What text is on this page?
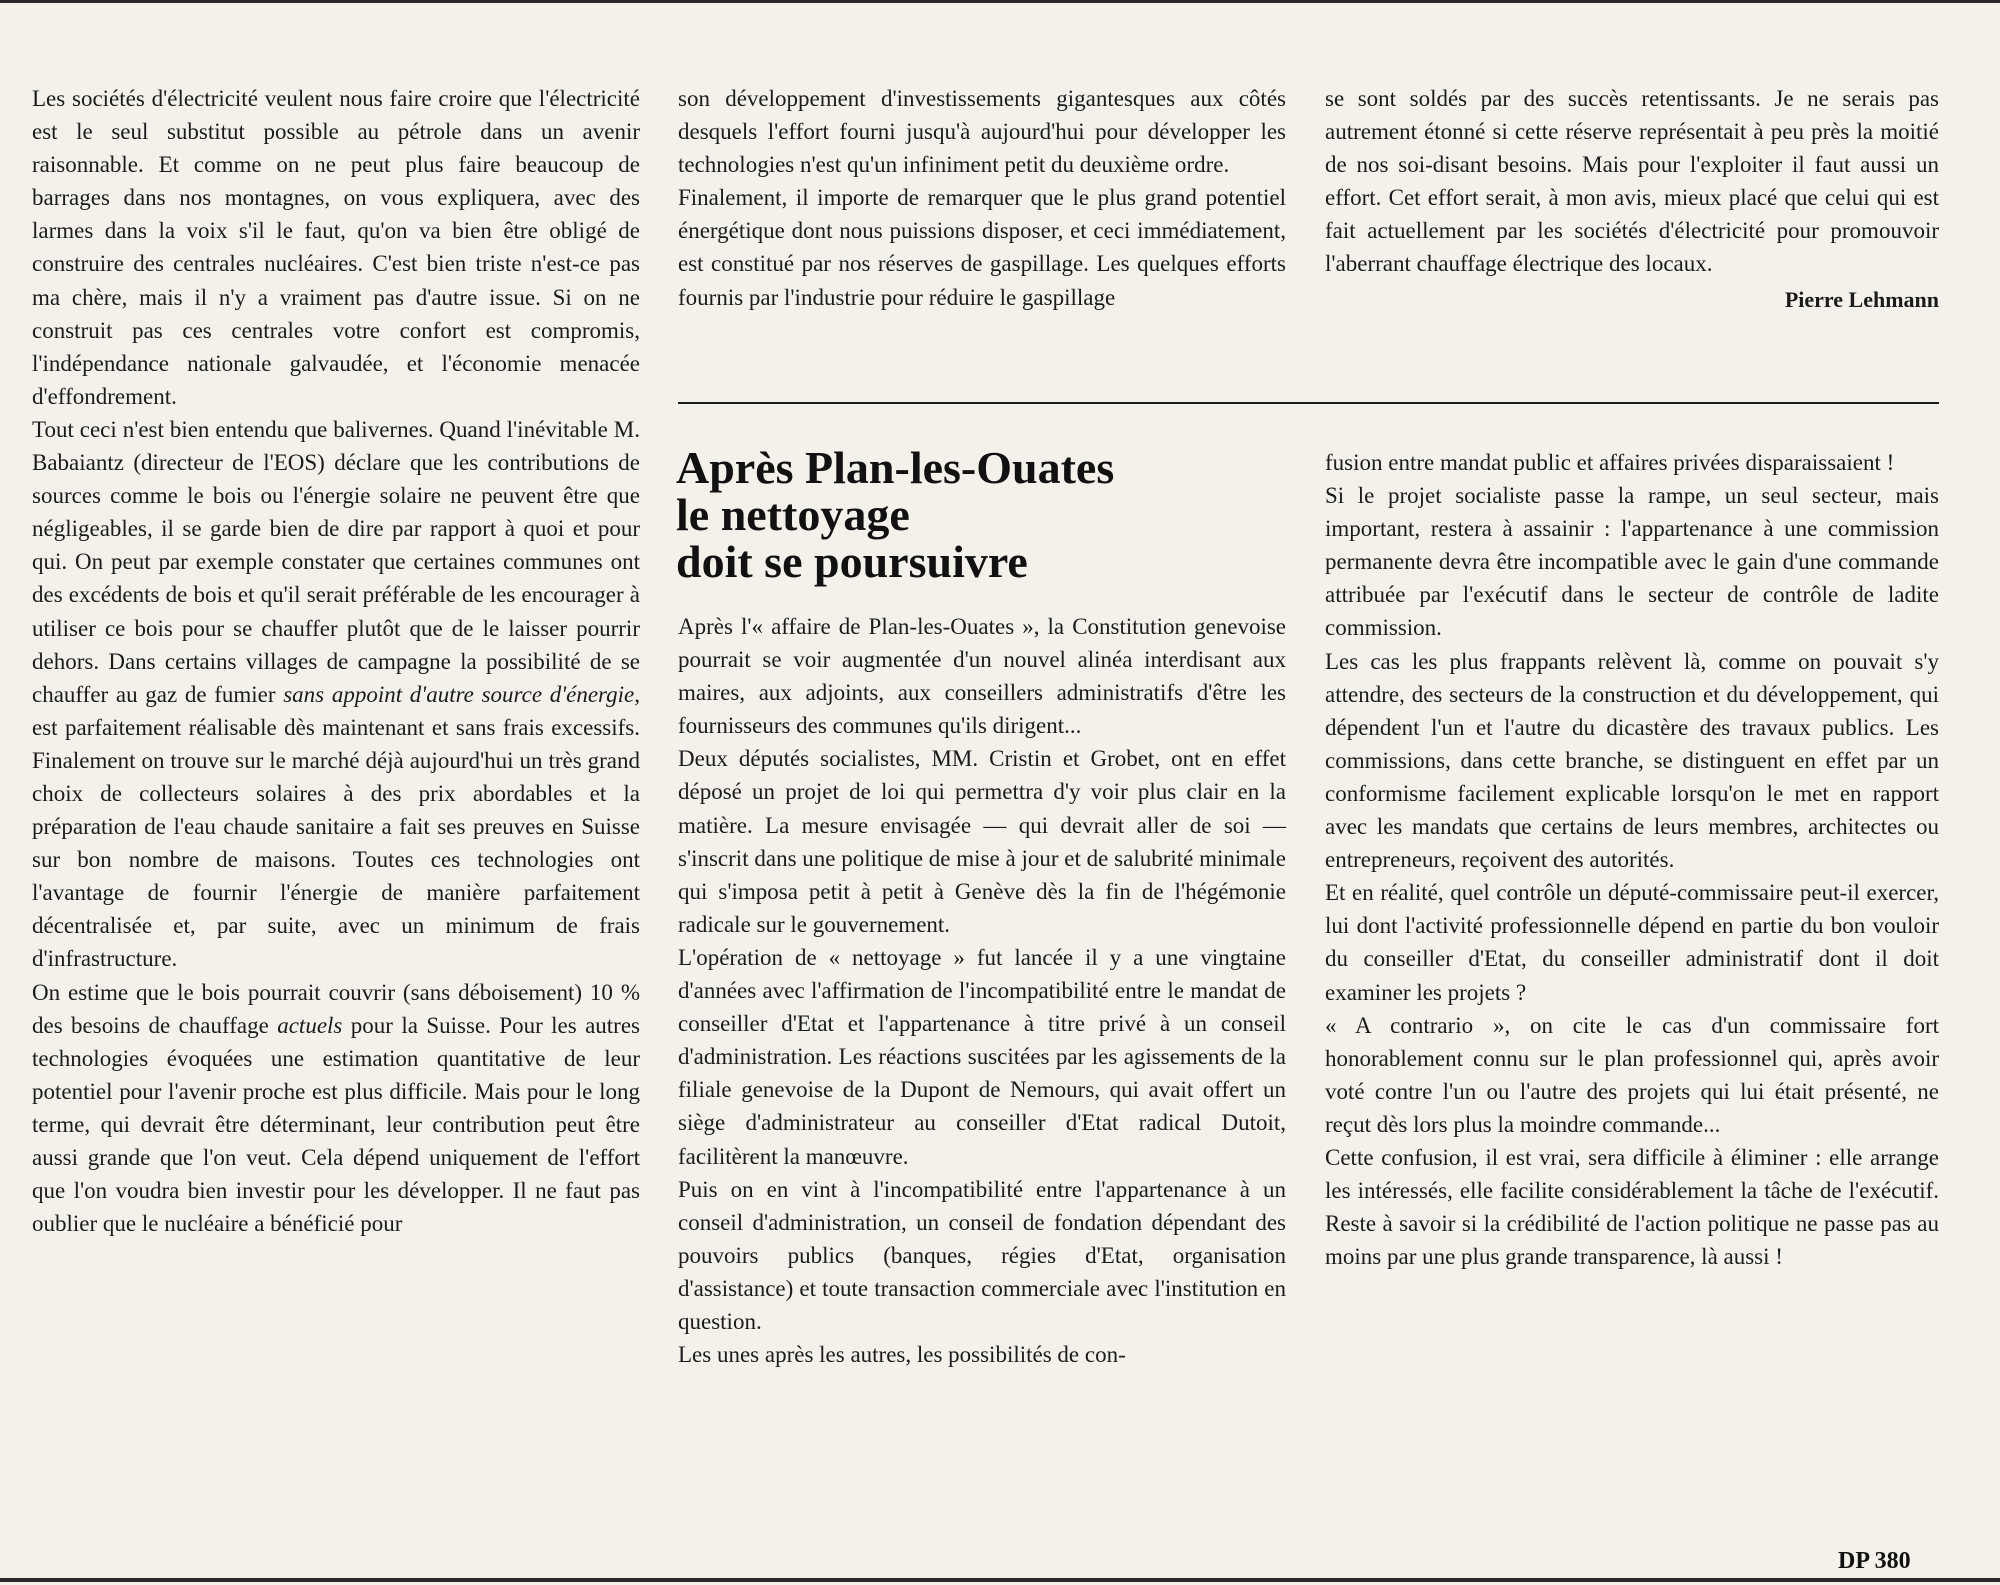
Les sociétés d'électricité veulent nous faire croire que l'électricité est le seul substitut possible au pétrole dans un avenir raisonnable. Et comme on ne peut plus faire beaucoup de barrages dans nos montagnes, on vous expliquera, avec des larmes dans la voix s'il le faut, qu'on va bien être obligé de construire des centrales nucléaires. C'est bien triste n'est-ce pas ma chère, mais il n'y a vraiment pas d'autre issue. Si on ne construit pas ces centrales votre confort est compromis, l'indépendance nationale galvaudée, et l'économie menacée d'effondrement.

Tout ceci n'est bien entendu que balivernes. Quand l'inévitable M. Babaiantz (directeur de l'EOS) déclare que les contributions de sources comme le bois ou l'énergie solaire ne peuvent être que négligeables, il se garde bien de dire par rapport à quoi et pour qui. On peut par exemple constater que certaines communes ont des excédents de bois et qu'il serait préférable de les encourager à utiliser ce bois pour se chauffer plutôt que de le laisser pourrir dehors. Dans certains villages de campagne la possibilité de se chauffer au gaz de fumier sans appoint d'autre source d'énergie, est parfaitement réalisable dès maintenant et sans frais excessifs. Finalement on trouve sur le marché déjà aujourd'hui un très grand choix de collecteurs solaires à des prix abordables et la préparation de l'eau chaude sanitaire a fait ses preuves en Suisse sur bon nombre de maisons. Toutes ces technologies ont l'avantage de fournir l'énergie de manière parfaitement décentralisée et, par suite, avec un minimum de frais d'infrastructure.

On estime que le bois pourrait couvrir (sans déboisement) 10 % des besoins de chauffage actuels pour la Suisse. Pour les autres technologies évoquées une estimation quantitative de leur potentiel pour l'avenir proche est plus difficile. Mais pour le long terme, qui devrait être déterminant, leur contribution peut être aussi grande que l'on veut. Cela dépend uniquement de l'effort que l'on voudra bien investir pour les développer. Il ne faut pas oublier que le nucléaire a bénéficié pour

son développement d'investissements gigantesques aux côtés desquels l'effort fourni jusqu'à aujourd'hui pour développer les technologies n'est qu'un infiniment petit du deuxième ordre.

Finalement, il importe de remarquer que le plus grand potentiel énergétique dont nous puissions disposer, et ceci immédiatement, est constitué par nos réserves de gaspillage. Les quelques efforts fournis par l'industrie pour réduire le gaspillage

se sont soldés par des succès retentissants. Je ne serais pas autrement étonné si cette réserve représentait à peu près la moitié de nos soi-disant besoins. Mais pour l'exploiter il faut aussi un effort. Cet effort serait, à mon avis, mieux placé que celui qui est fait actuellement par les sociétés d'électricité pour promouvoir l'aberrant chauffage électrique des locaux.

Pierre Lehmann
Après Plan-les-Ouates
le nettoyage
doit se poursuivre

Après l'« affaire de Plan-les-Ouates », la Constitution genevoise pourrait se voir augmentée d'un nouvel alinéa interdisant aux maires, aux adjoints, aux conseillers administratifs d'être les fournisseurs des communes qu'ils dirigent...

Deux députés socialistes, MM. Cristin et Grobet, ont en effet déposé un projet de loi qui permettra d'y voir plus clair en la matière. La mesure envisagée — qui devrait aller de soi — s'inscrit dans une politique de mise à jour et de salubrité minimale qui s'imposa petit à petit à Genève dès la fin de l'hégémonie radicale sur le gouvernement.

L'opération de « nettoyage » fut lancée il y a une vingtaine d'années avec l'affirmation de l'incompatibilité entre le mandat de conseiller d'Etat et l'appartenance à titre privé à un conseil d'administration. Les réactions suscitées par les agissements de la filiale genevoise de la Dupont de Nemours, qui avait offert un siège d'administrateur au conseiller d'Etat radical Dutoit, facilitèrent la manœuvre.

Puis on en vint à l'incompatibilité entre l'appartenance à un conseil d'administration, un conseil de fondation dépendant des pouvoirs publics (banques, régies d'Etat, organisation d'assistance) et toute transaction commerciale avec l'institution en question.

Les unes après les autres, les possibilités de con-

fusion entre mandat public et affaires privées disparaissaient !

Si le projet socialiste passe la rampe, un seul secteur, mais important, restera à assainir : l'appartenance à une commission permanente devra être incompatible avec le gain d'une commande attribuée par l'exécutif dans le secteur de contrôle de ladite commission.

Les cas les plus frappants relèvent là, comme on pouvait s'y attendre, des secteurs de la construction et du développement, qui dépendent l'un et l'autre du dicastère des travaux publics. Les commissions, dans cette branche, se distinguent en effet par un conformisme facilement explicable lorsqu'on le met en rapport avec les mandats que certains de leurs membres, architectes ou entrepreneurs, reçoivent des autorités.

Et en réalité, quel contrôle un député-commissaire peut-il exercer, lui dont l'activité professionnelle dépend en partie du bon vouloir du conseiller d'Etat, du conseiller administratif dont il doit examiner les projets ?

« A contrario », on cite le cas d'un commissaire fort honorablement connu sur le plan professionnel qui, après avoir voté contre l'un ou l'autre des projets qui lui était présenté, ne reçut dès lors plus la moindre commande...

Cette confusion, il est vrai, sera difficile à éliminer : elle arrange les intéressés, elle facilite considérablement la tâche de l'exécutif. Reste à savoir si la crédibilité de l'action politique ne passe pas au moins par une plus grande transparence, là aussi !

DP 380
